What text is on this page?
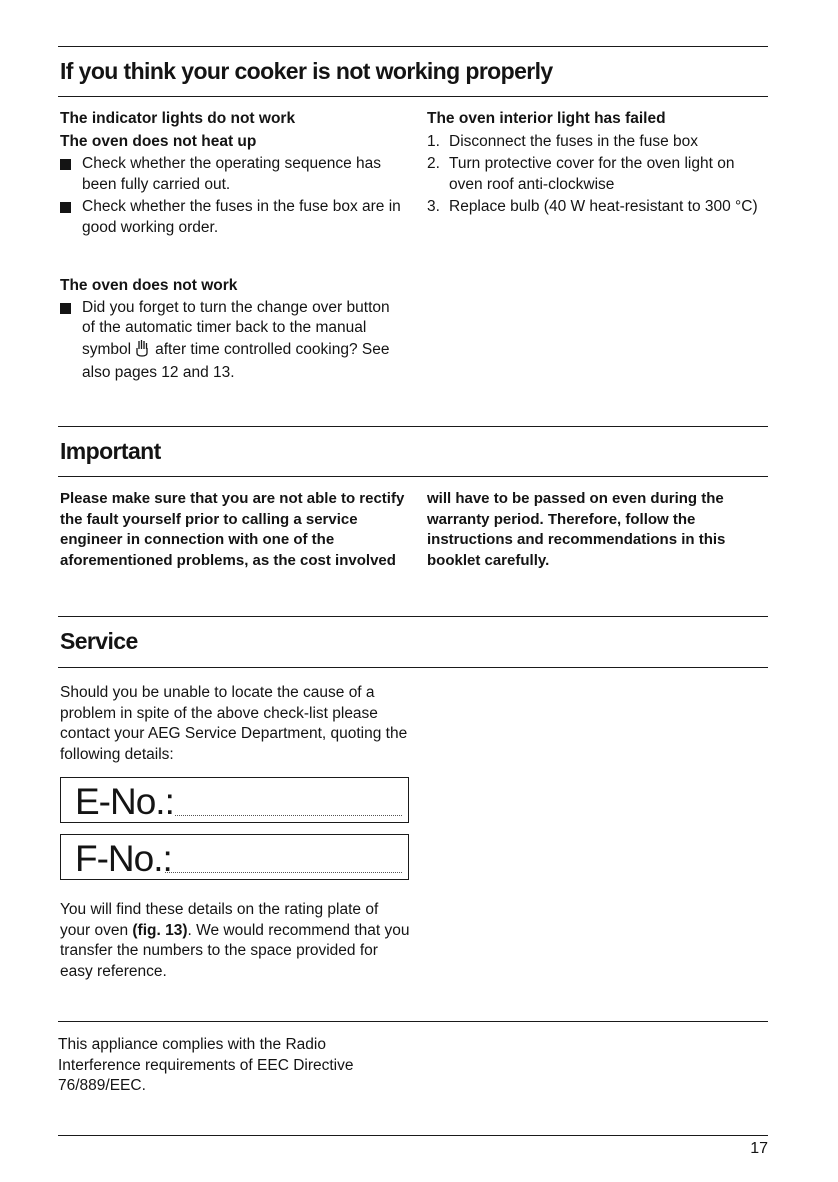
If you think your cooker is not working properly
The indicator lights do not work
The oven does not heat up
Check whether the operating sequence has been fully carried out.
Check whether the fuses in the fuse box are in good working order.
The oven does not work
Did you forget to turn the change over button of the automatic timer back to the manual symbol after time controlled cooking? See also pages 12 and 13.
The oven interior light has failed
1. Disconnect the fuses in the fuse box
2. Turn protective cover for the oven light on oven roof anti-clockwise
3. Replace bulb (40 W heat-resistant to 300 °C)
Important
Please make sure that you are not able to rectify the fault yourself prior to calling a service engineer in connection with one of the aforementioned problems, as the cost involved
will have to be passed on even during the warranty period. Therefore, follow the instructions and recommendations in this booklet carefully.
Service
Should you be unable to locate the cause of a problem in spite of the above check-list please contact your AEG Service Department, quoting the following details:
E-No.:
F-No.:
You will find these details on the rating plate of your oven (fig. 13). We would recommend that you transfer the numbers to the space provided for easy reference.
This appliance complies with the Radio Interference requirements of EEC Directive 76/889/EEC.
17
